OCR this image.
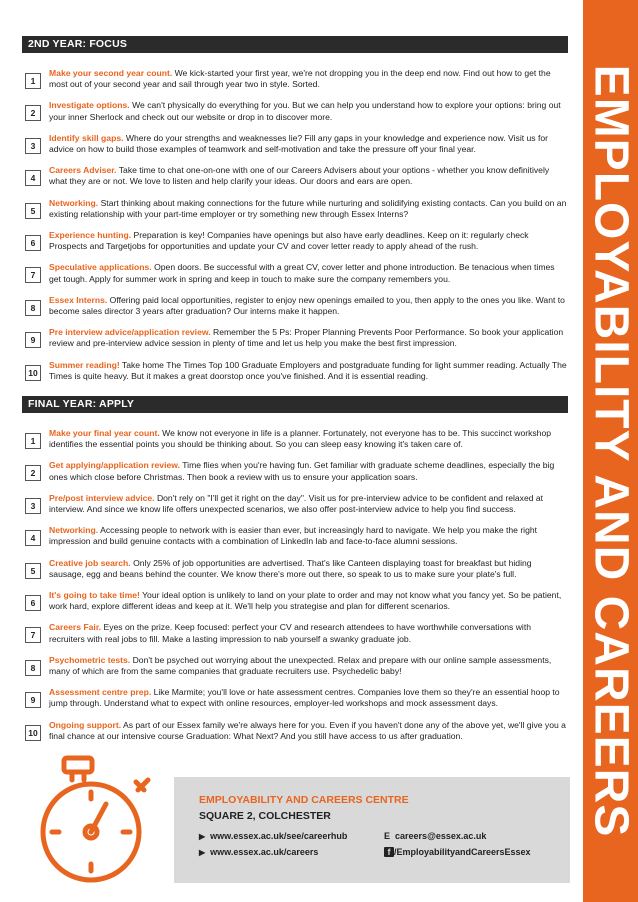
2ND YEAR: FOCUS
1
Make your second year count. We kick-started your first year, we're not dropping you in the deep end now. Find out how to get the most out of your second year and sail through year two in style. Sorted.
2
Investigate options. We can't physically do everything for you. But we can help you understand how to explore your options: bring out your inner Sherlock and check out our website or drop in to discover more.
3
Identify skill gaps. Where do your strengths and weaknesses lie? Fill any gaps in your knowledge and experience now. Visit us for advice on how to build those examples of teamwork and self-motivation and take the pressure off your final year.
4
Careers Adviser. Take time to chat one-on-one with one of our Careers Advisers about your options - whether you know definitively what they are or not. We love to listen and help clarify your ideas. Our doors and ears are open.
5
Networking. Start thinking about making connections for the future while nurturing and solidifying existing contacts. Can you build on an existing relationship with your part-time employer or try something new through Essex Interns?
6
Experience hunting. Preparation is key! Companies have openings but also have early deadlines. Keep on it: regularly check Prospects and Targetjobs for opportunities and update your CV and cover letter ready to apply ahead of the rush.
7
Speculative applications. Open doors. Be successful with a great CV, cover letter and phone introduction. Be tenacious when times get tough. Apply for summer work in spring and keep in touch to make sure the company remembers you.
8
Essex Interns. Offering paid local opportunities, register to enjoy new openings emailed to you, then apply to the ones you like. Want to become sales director 3 years after graduation? Our interns make it happen.
9
Pre interview advice/application review. Remember the 5 Ps: Proper Planning Prevents Poor Performance. So book your application review and pre-interview advice session in plenty of time and let us help you make the best first impression.
10
Summer reading! Take home The Times Top 100 Graduate Employers and postgraduate funding for light summer reading. Actually The Times is quite heavy. But it makes a great doorstop once you've finished. And it is essential reading.
FINAL YEAR: APPLY
1
Make your final year count. We know not everyone in life is a planner. Fortunately, not everyone has to be. This succinct workshop identifies the essential points you should be thinking about. So you can sleep easy knowing it's taken care of.
2
Get applying/application review. Time flies when you're having fun. Get familiar with graduate scheme deadlines, especially the big ones which close before Christmas. Then book a review with us to ensure your application soars.
3
Pre/post interview advice. Don't rely on "I'll get it right on the day". Visit us for pre-interview advice to be confident and relaxed at interview. And since we know life offers unexpected scenarios, we also offer post-interview advice to help you find success.
4
Networking. Accessing people to network with is easier than ever, but increasingly hard to navigate. We help you make the right impression and build genuine contacts with a combination of LinkedIn lab and face-to-face alumni sessions.
5
Creative job search. Only 25% of job opportunities are advertised. That's like Canteen displaying toast for breakfast but hiding sausage, egg and beans behind the counter. We know there's more out there, so speak to us to make sure your plate's full.
6
It's going to take time! Your ideal option is unlikely to land on your plate to order and may not know what you fancy yet. So be patient, work hard, explore different ideas and keep at it. We'll help you strategise and plan for different scenarios.
7
Careers Fair. Eyes on the prize. Keep focused: perfect your CV and research attendees to have worthwhile conversations with recruiters with real jobs to fill. Make a lasting impression to nab yourself a swanky graduate job.
8
Psychometric tests. Don't be psyched out worrying about the unexpected. Relax and prepare with our online sample assessments, many of which are from the same companies that graduate recruiters use. Psychedelic baby!
9
Assessment centre prep. Like Marmite; you'll love or hate assessment centres. Companies love them so they're an essential hoop to jump through. Understand what to expect with online resources, employer-led workshops and mock assessment days.
10
Ongoing support. As part of our Essex family we're always here for you. Even if you haven't done any of the above yet, we'll give you a final chance at our intensive course Graduation: What Next? And you still have access to us after graduation.
EMPLOYABILITY AND CAREERS CENTRE
SQUARE 2, COLCHESTER
▶ www.essex.ac.uk/see/careerhub
▶ www.essex.ac.uk/careers
E careers@essex.ac.uk
f /EmployabilityandCareersEssex
EMPLOYABILITY AND CAREERS
